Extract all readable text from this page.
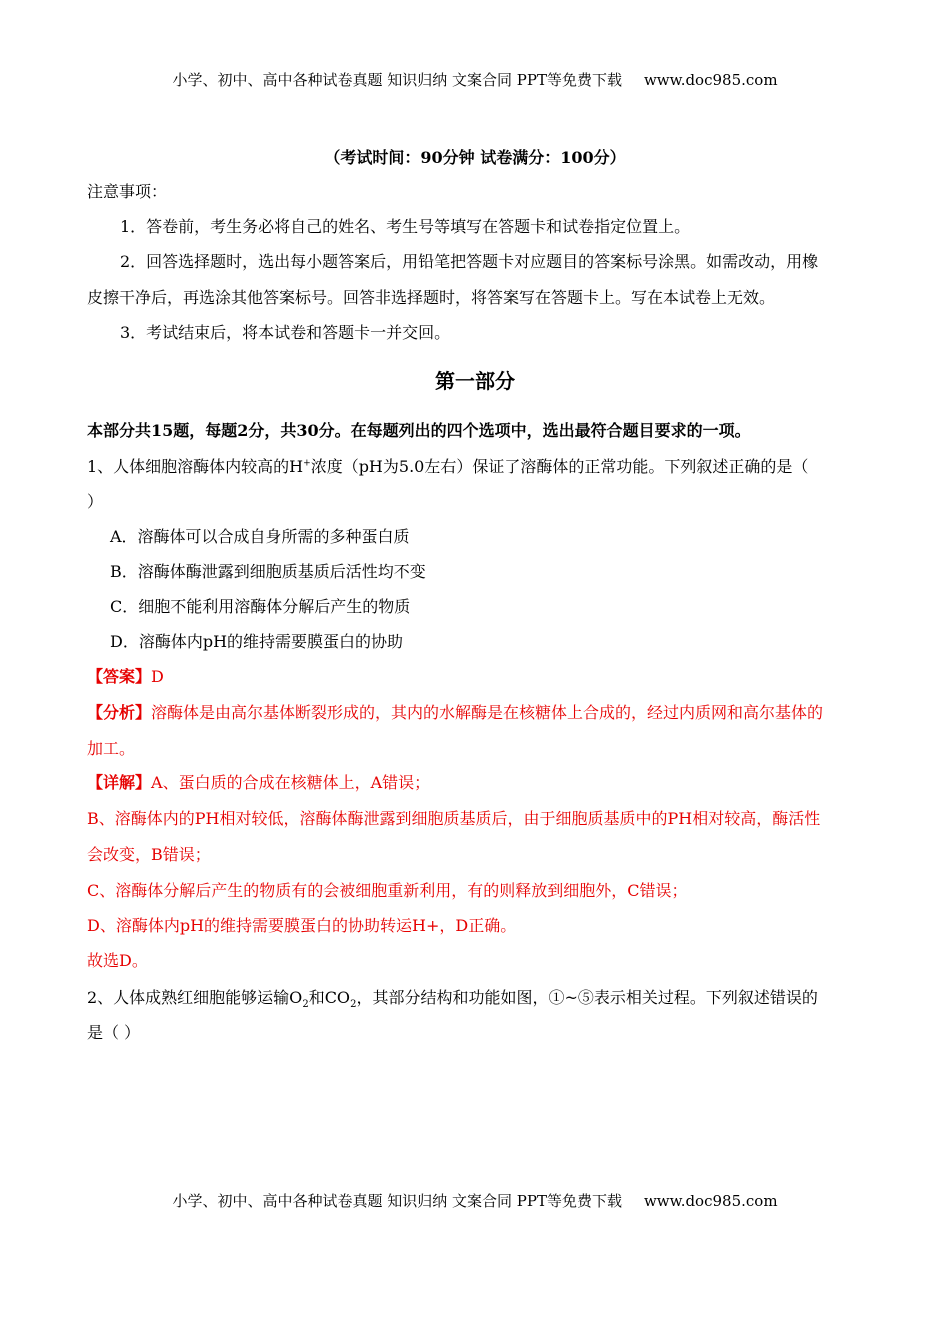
小学、初中、高中各种试卷真题 知识归纳 文案合同 PPT等免费下载 www.doc985.com
（考试时间：90分钟 试卷满分：100分）
注意事项：
1．答卷前，考生务必将自己的姓名、考生号等填写在答题卡和试卷指定位置上。
2．回答选择题时，选出每小题答案后，用铅笔把答题卡对应题目的答案标号涂黑。如需改动，用橡
皮擦干净后，再选涂其他答案标号。回答非选择题时，将答案写在答题卡上。写在本试卷上无效。
3．考试结束后，将本试卷和答题卡一并交回。
第一部分
本部分共15题，每题2分，共30分。在每题列出的四个选项中，选出最符合题目要求的一项。
1、人体细胞溶酶体内较高的H+浓度（pH为5.0左右）保证了溶酶体的正常功能。下列叙述正确的是（
）
A．溶酶体可以合成自身所需的多种蛋白质
B．溶酶体酶泄露到细胞质基质后活性均不变
C．细胞不能利用溶酶体分解后产生的物质
D．溶酶体内pH的维持需要膜蛋白的协助
【答案】D
【分析】溶酶体是由高尔基体断裂形成的，其内的水解酶是在核糖体上合成的，经过内质网和高尔基体的
加工。
【详解】A、蛋白质的合成在核糖体上，A错误；
B、溶酶体内的PH相对较低，溶酶体酶泄露到细胞质基质后，由于细胞质基质中的PH相对较高，酶活性
会改变，B错误；
C、溶酶体分解后产生的物质有的会被细胞重新利用，有的则释放到细胞外，C错误；
D、溶酶体内pH的维持需要膜蛋白的协助转运H+，D正确。
故选D。
2、人体成熟红细胞能够运输$O_2$和$CO_2$，其部分结构和功能如图，①~⑤表示相关过程。下列叙述错误的
是（ ）
小学、初中、高中各种试卷真题 知识归纳 文案合同 PPT等免费下载 www.doc985.com
